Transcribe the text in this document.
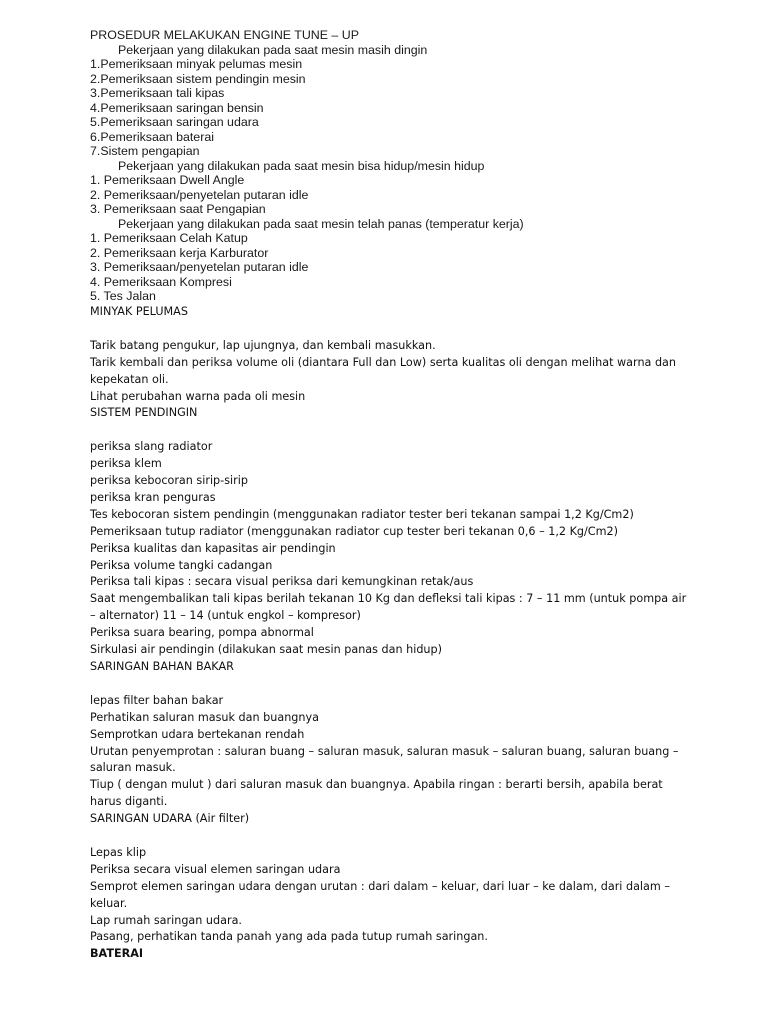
PROSEDUR MELAKUKAN ENGINE TUNE – UP
Pekerjaan yang dilakukan pada saat mesin masih dingin
1.Pemeriksaan minyak pelumas mesin
2.Pemeriksaan sistem pendingin mesin
3.Pemeriksaan tali kipas
4.Pemeriksaan saringan bensin
5.Pemeriksaan saringan udara
6.Pemeriksaan baterai
7.Sistem pengapian
Pekerjaan yang dilakukan pada saat mesin bisa hidup/mesin hidup
1. Pemeriksaan Dwell Angle
2. Pemeriksaan/penyetelan putaran idle
3. Pemeriksaan saat Pengapian
Pekerjaan yang dilakukan pada saat mesin telah panas (temperatur kerja)
1. Pemeriksaan Celah Katup
2. Pemeriksaan kerja Karburator
3. Pemeriksaan/penyetelan putaran idle
4. Pemeriksaan Kompresi
5. Tes Jalan
MINYAK PELUMAS
Tarik batang pengukur, lap ujungnya, dan kembali masukkan.
Tarik kembali dan periksa volume oli (diantara Full dan Low) serta kualitas oli dengan melihat warna dan
kepekatan oli.
Lihat perubahan warna pada oli mesin
SISTEM PENDINGIN
periksa slang radiator
periksa klem
periksa kebocoran sirip-sirip
periksa kran penguras
Tes kebocoran sistem pendingin (menggunakan radiator tester beri tekanan sampai 1,2 Kg/Cm2)
Pemeriksaan tutup radiator (menggunakan radiator cup tester beri tekanan 0,6 – 1,2 Kg/Cm2)
Periksa kualitas dan kapasitas air pendingin
Periksa volume tangki cadangan
Periksa tali kipas : secara visual periksa dari kemungkinan retak/aus
Saat mengembalikan tali kipas berilah tekanan 10 Kg dan defleksi tali kipas : 7 – 11 mm (untuk pompa air
– alternator) 11 – 14 (untuk engkol – kompresor)
Periksa suara bearing, pompa abnormal
Sirkulasi air pendingin (dilakukan saat mesin panas dan hidup)
SARINGAN BAHAN BAKAR
lepas filter bahan bakar
Perhatikan saluran masuk dan buangnya
Semprotkan udara bertekanan rendah
Urutan penyemprotan : saluran buang – saluran masuk, saluran masuk – saluran buang, saluran buang –
saluran masuk.
Tiup ( dengan mulut ) dari saluran masuk dan buangnya. Apabila ringan : berarti bersih, apabila berat
harus diganti.
SARINGAN UDARA (Air filter)
Lepas klip
Periksa secara visual elemen saringan udara
Semprot elemen saringan udara dengan urutan : dari dalam – keluar, dari luar – ke dalam, dari dalam –
keluar.
Lap rumah saringan udara.
Pasang, perhatikan tanda panah yang ada pada tutup rumah saringan.
BATERAI
